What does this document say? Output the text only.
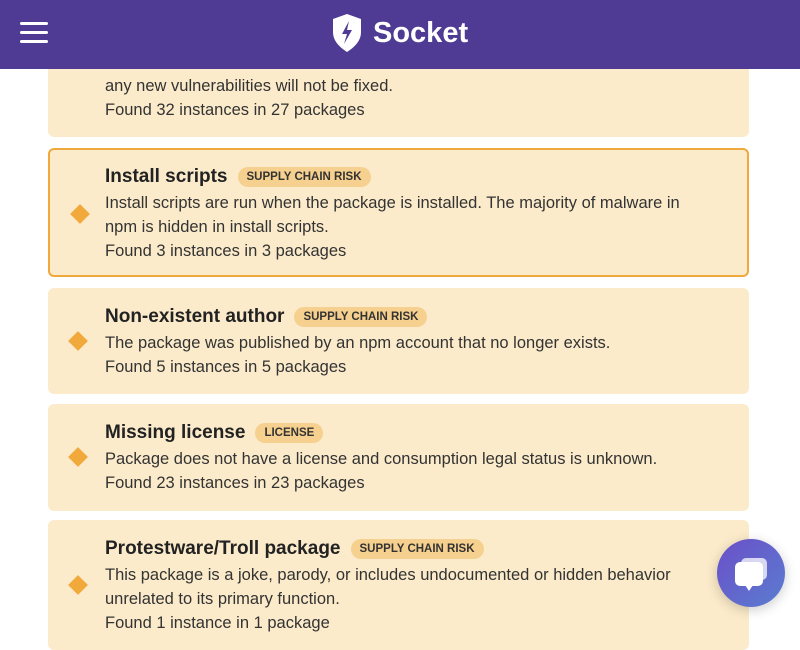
Socket
any new vulnerabilities will not be fixed.
Found 32 instances in 27 packages
Install scripts	SUPPLY CHAIN RISK
Install scripts are run when the package is installed. The majority of malware in npm is hidden in install scripts.
Found 3 instances in 3 packages
Non-existent author	SUPPLY CHAIN RISK
The package was published by an npm account that no longer exists.
Found 5 instances in 5 packages
Missing license	LICENSE
Package does not have a license and consumption legal status is unknown.
Found 23 instances in 23 packages
Protestware/Troll package	SUPPLY CHAIN RISK
This package is a joke, parody, or includes undocumented or hidden behavior unrelated to its primary function.
Found 1 instance in 1 package
